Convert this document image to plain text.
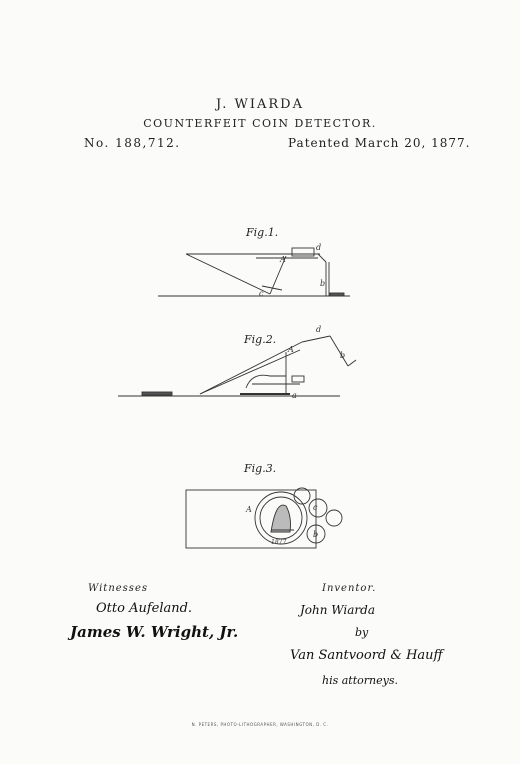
J. WIARDA
COUNTERFEIT COIN DETECTOR.
No. 188,712.	Patented March 20, 1877.
Fig.1.
Fig.2.
Fig.3.
A
d
b
c
A
d
b
a
A	c
b
1877
Witnesses	Inventor.
Otto Aufeland.
James W. Wright, Jr.
John Wiarda
by
Van Santvoord & Hauff
his attorneys.
N. PETERS, PHOTO-LITHOGRAPHER, WASHINGTON, D. C.
